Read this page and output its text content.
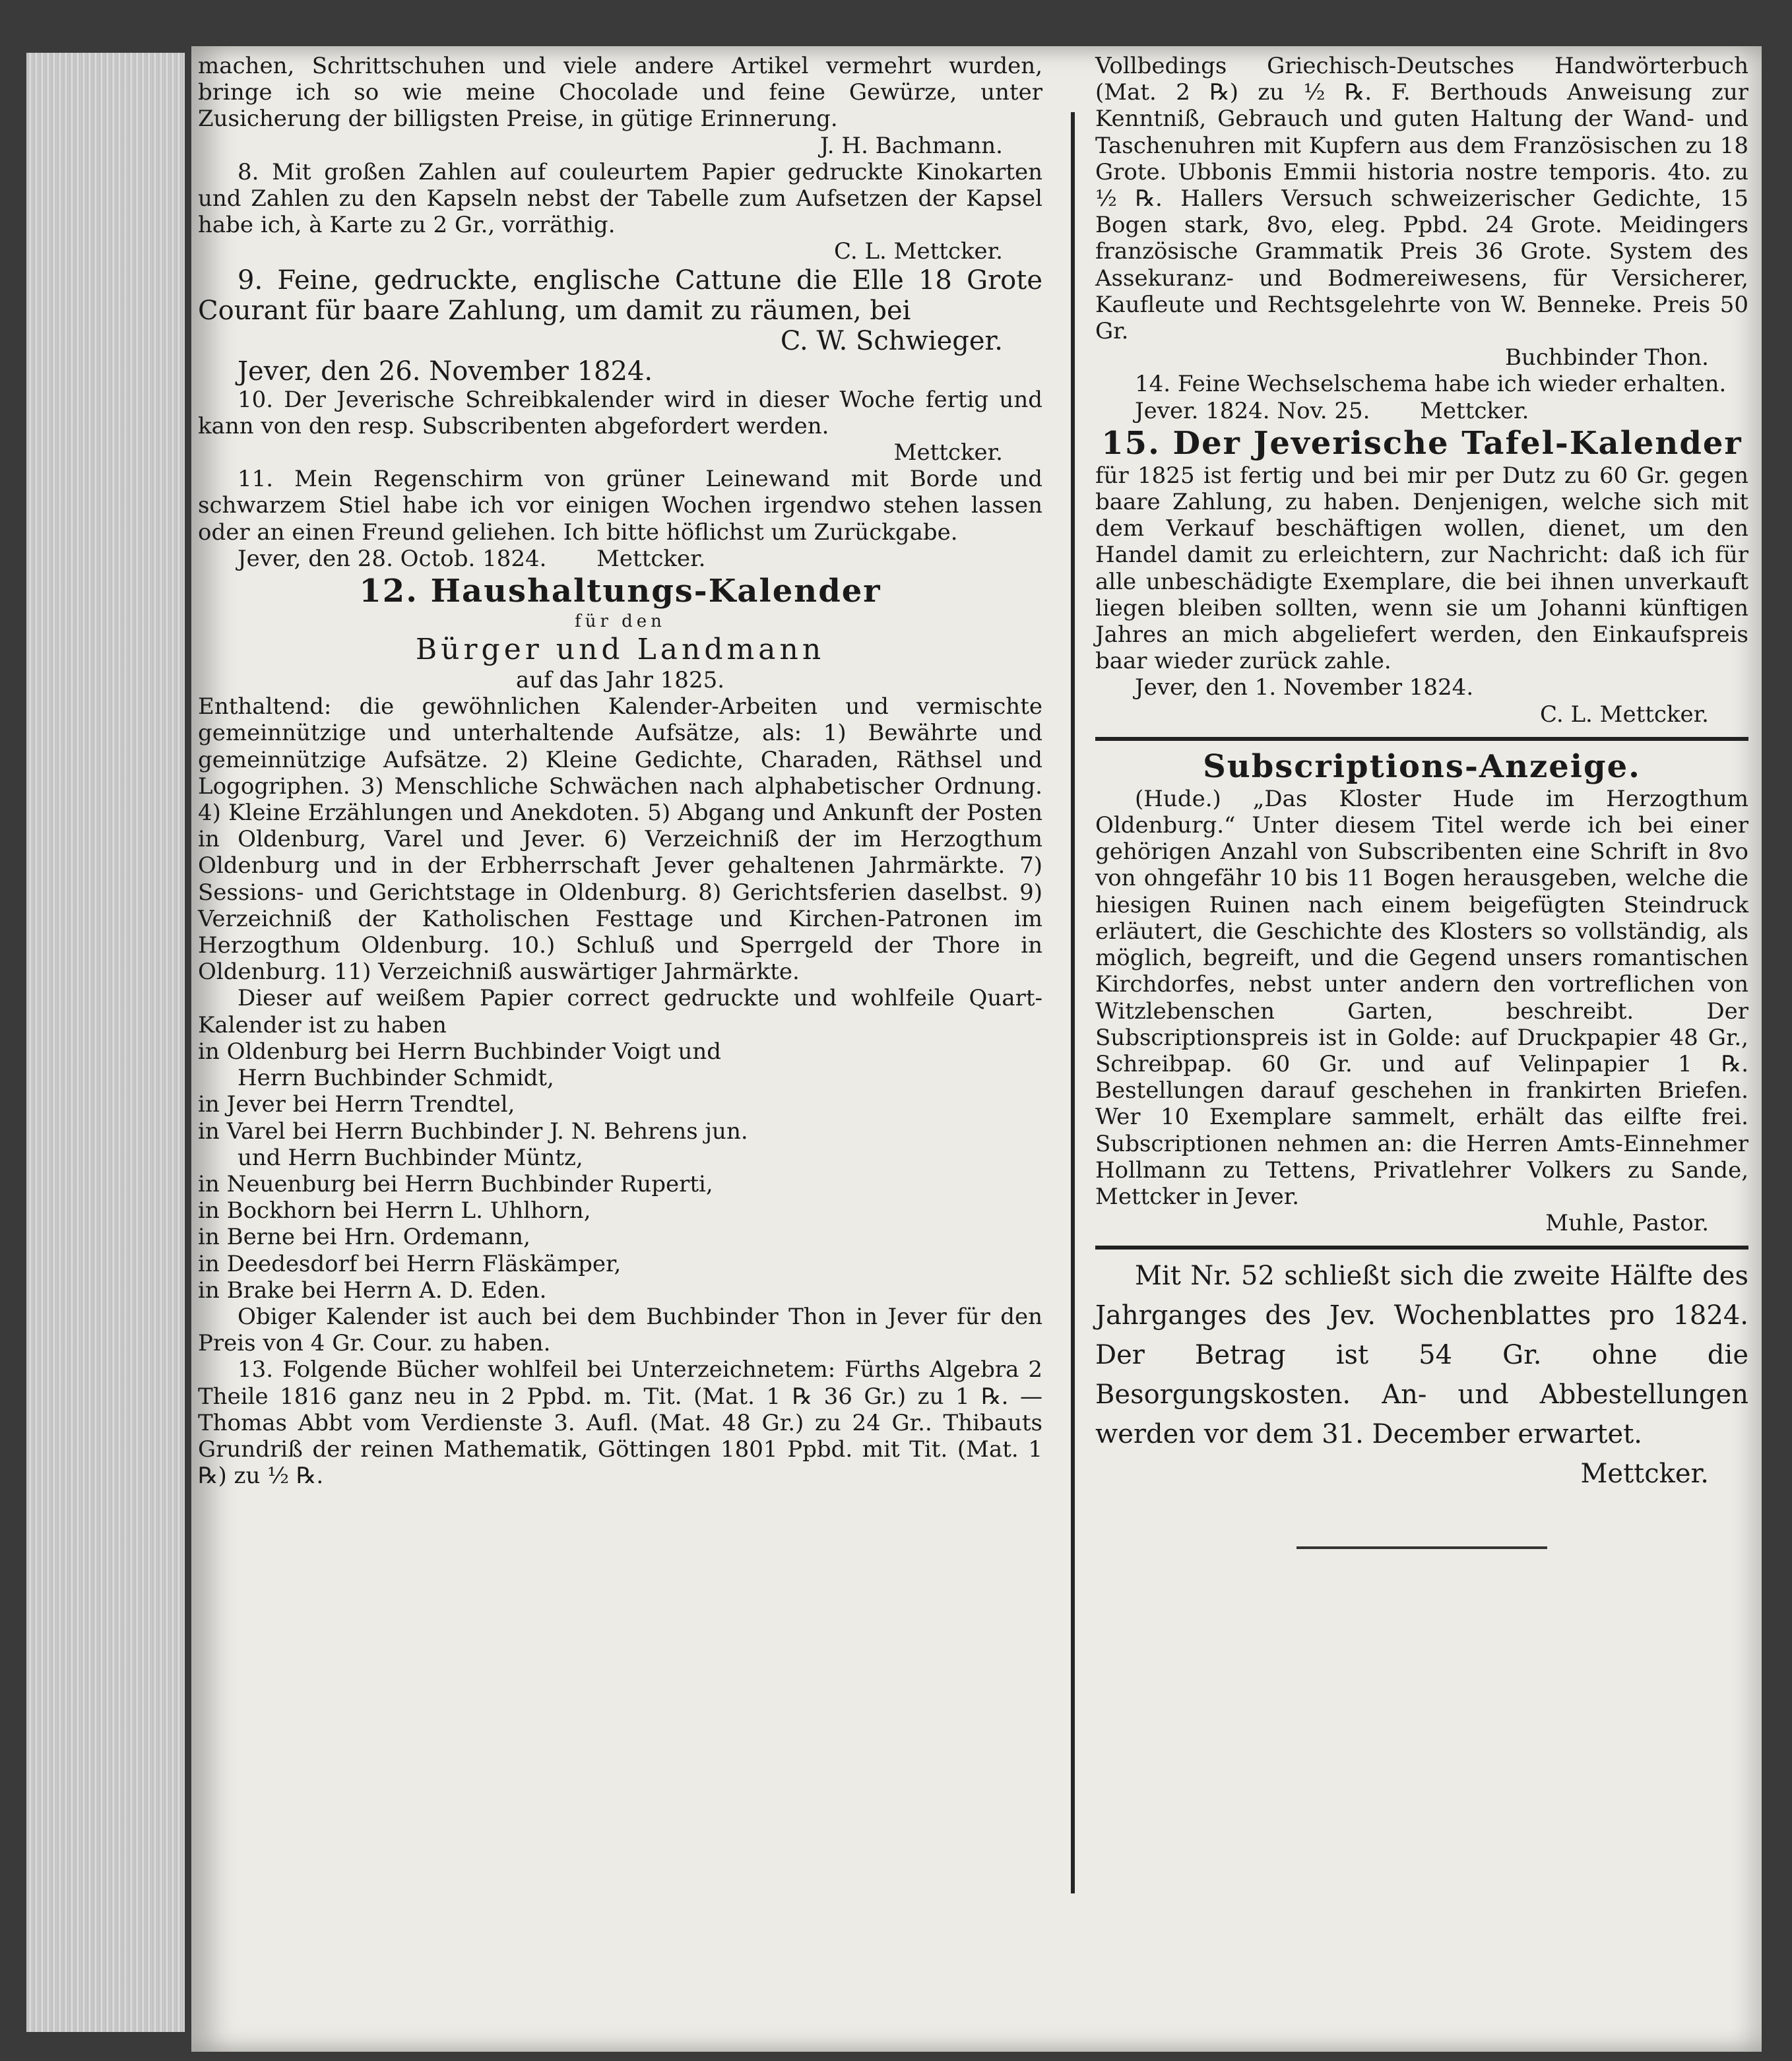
machen, Schrittschuhen und viele andere Artikel vermehrt wurden, bringe ich so wie meine Chocolade und feine Gewürze, unter Zusicherung der billigsten Preise, in gütige Erinnerung.

J. H. Bachmann.

8. Mit großen Zahlen auf couleurtem Papier gedruckte Kinokarten und Zahlen zu den Kapseln nebst der Tabelle zum Aufsetzen der Kapsel habe ich, à Karte zu 2 Gr., vorräthig.

C. L. Mettcker.

9. Feine, gedruckte, englische Cattune die Elle 18 Grote Courant für baare Zahlung, um damit zu räumen, bei

C. W. Schwieger.

Jever, den 26. November 1824.

10. Der Jeverische Schreibkalender wird in dieser Woche fertig und kann von den resp. Subscribenten abgefordert werden.

Mettcker.

11. Mein Regenschirm von grüner Leinewand mit Borde und schwarzem Stiel habe ich vor einigen Wochen irgendwo stehen lassen oder an einen Freund geliehen. Ich bitte höflichst um Zurückgabe.

Jever, den 28. Octob. 1824. Mettcker.

12. Haushaltungs-Kalender

für den

Bürger und Landmann

auf das Jahr 1825.

Enthaltend: die gewöhnlichen Kalender-Arbeiten und vermischte gemeinnützige und unterhaltende Aufsätze, als: 1) Bewährte und gemeinnützige Aufsätze. 2) Kleine Gedichte, Charaden, Räthsel und Logogriphen. 3) Menschliche Schwächen nach alphabetischer Ordnung. 4) Kleine Erzählungen und Anekdoten. 5) Abgang und Ankunft der Posten in Oldenburg, Varel und Jever. 6) Verzeichniß der im Herzogthum Oldenburg und in der Erbherrschaft Jever gehaltenen Jahrmärkte. 7) Sessions- und Gerichtstage in Oldenburg. 8) Gerichtsferien daselbst. 9) Verzeichniß der Katholischen Festtage und Kirchen-Patronen im Herzogthum Oldenburg. 10.) Schluß und Sperrgeld der Thore in Oldenburg. 11) Verzeichniß auswärtiger Jahrmärkte.

Dieser auf weißem Papier correct gedruckte und wohlfeile Quart-Kalender ist zu haben

in Oldenburg bei Herrn Buchbinder Voigt und

Herrn Buchbinder Schmidt,

in Jever bei Herrn Trendtel,

in Varel bei Herrn Buchbinder J. N. Behrens jun.

und Herrn Buchbinder Müntz,

in Neuenburg bei Herrn Buchbinder Ruperti,

in Bockhorn bei Herrn L. Uhlhorn,

in Berne bei Hrn. Ordemann,

in Deedesdorf bei Herrn Fläskämper,

in Brake bei Herrn A. D. Eden.

Obiger Kalender ist auch bei dem Buchbinder Thon in Jever für den Preis von 4 Gr. Cour. zu haben.

13. Folgende Bücher wohlfeil bei Unterzeichnetem: Fürths Algebra 2 Theile 1816 ganz neu in 2 Ppbd. m. Tit. (Mat. 1 ℞ 36 Gr.) zu 1 ℞. — Thomas Abbt vom Verdienste 3. Aufl. (Mat. 48 Gr.) zu 24 Gr.. Thibauts Grundriß der reinen Mathematik, Göttingen 1801 Ppbd. mit Tit. (Mat. 1 ℞) zu ½ ℞.

Vollbedings Griechisch-Deutsches Handwörterbuch (Mat. 2 ℞) zu ½ ℞. F. Berthouds Anweisung zur Kenntniß, Gebrauch und guten Haltung der Wand- und Taschenuhren mit Kupfern aus dem Französischen zu 18 Grote. Ubbonis Emmii historia nostre temporis. 4to. zu ½ ℞. Hallers Versuch schweizerischer Gedichte, 15 Bogen stark, 8vo, eleg. Ppbd. 24 Grote. Meidingers französische Grammatik Preis 36 Grote. System des Assekuranz- und Bodmereiwesens, für Versicherer, Kaufleute und Rechtsgelehrte von W. Benneke. Preis 50 Gr.

Buchbinder Thon.

14. Feine Wechselschema habe ich wieder erhalten.

Jever. 1824. Nov. 25. Mettcker.

15. Der Jeverische Tafel-Kalender

für 1825 ist fertig und bei mir per Dutz zu 60 Gr. gegen baare Zahlung, zu haben. Denjenigen, welche sich mit dem Verkauf beschäftigen wollen, dienet, um den Handel damit zu erleichtern, zur Nachricht: daß ich für alle unbeschädigte Exemplare, die bei ihnen unverkauft liegen bleiben sollten, wenn sie um Johanni künftigen Jahres an mich abgeliefert werden, den Einkaufspreis baar wieder zurück zahle.

Jever, den 1. November 1824.

C. L. Mettcker.

Subscriptions-Anzeige.

(Hude.) „Das Kloster Hude im Herzogthum Oldenburg.“ Unter diesem Titel werde ich bei einer gehörigen Anzahl von Subscribenten eine Schrift in 8vo von ohngefähr 10 bis 11 Bogen herausgeben, welche die hiesigen Ruinen nach einem beigefügten Steindruck erläutert, die Geschichte des Klosters so vollständig, als möglich, begreift, und die Gegend unsers romantischen Kirchdorfes, nebst unter andern den vortreflichen von Witzlebenschen Garten, beschreibt. Der Subscriptionspreis ist in Golde: auf Druckpapier 48 Gr., Schreibpap. 60 Gr. und auf Velinpapier 1 ℞. Bestellungen darauf geschehen in frankirten Briefen. Wer 10 Exemplare sammelt, erhält das eilfte frei. Subscriptionen nehmen an: die Herren Amts-Einnehmer Hollmann zu Tettens, Privatlehrer Volkers zu Sande, Mettcker in Jever.

Muhle, Pastor.

Mit Nr. 52 schließt sich die zweite Hälfte des Jahrganges des Jev. Wochenblattes pro 1824. Der Betrag ist 54 Gr. ohne die Besorgungskosten. An- und Abbestellungen werden vor dem 31. December erwartet.

Mettcker.
